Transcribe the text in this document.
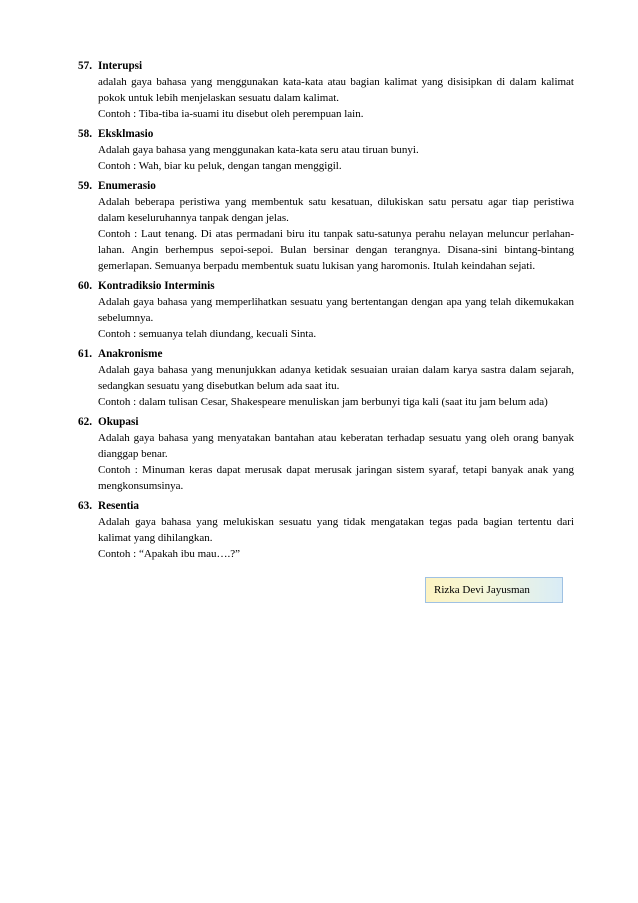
57. Interupsi

adalah gaya bahasa yang menggunakan kata-kata atau bagian kalimat yang disisipkan di dalam kalimat pokok untuk lebih menjelaskan sesuatu dalam kalimat.

Contoh : Tiba-tiba ia-suami itu disebut oleh perempuan lain.

58. Eksklmasio

Adalah gaya bahasa yang menggunakan kata-kata seru atau tiruan bunyi.

Contoh : Wah, biar ku peluk, dengan tangan menggigil.

59. Enumerasio

Adalah beberapa peristiwa yang membentuk satu kesatuan, dilukiskan satu persatu agar tiap peristiwa dalam keseluruhannya tanpak dengan jelas.

Contoh : Laut tenang. Di atas permadani biru itu tanpak satu-satunya perahu nelayan meluncur perlahan-lahan. Angin berhempus sepoi-sepoi. Bulan bersinar dengan terangnya. Disana-sini bintang-bintang gemerlapan. Semuanya berpadu membentuk suatu lukisan yang haromonis. Itulah keindahan sejati.

60. Kontradiksio Interminis

Adalah gaya bahasa yang memperlihatkan sesuatu yang bertentangan dengan apa yang telah dikemukakan sebelumnya.

Contoh : semuanya telah diundang, kecuali Sinta.

61. Anakronisme

Adalah gaya bahasa yang menunjukkan adanya ketidak sesuaian uraian dalam karya sastra dalam sejarah, sedangkan sesuatu yang disebutkan belum ada saat itu.

Contoh : dalam tulisan Cesar, Shakespeare menuliskan jam berbunyi tiga kali (saat itu jam belum ada)

62. Okupasi

Adalah gaya bahasa yang menyatakan bantahan atau keberatan terhadap sesuatu yang oleh orang banyak dianggap benar.

Contoh : Minuman keras dapat merusak dapat merusak jaringan sistem syaraf, tetapi banyak anak yang mengkonsumsinya.

63. Resentia

Adalah gaya bahasa yang melukiskan sesuatu yang tidak mengatakan tegas pada bagian tertentu dari kalimat yang dihilangkan.

Contoh : “Apakah ibu mau….?”

Rizka Devi Jayusman
